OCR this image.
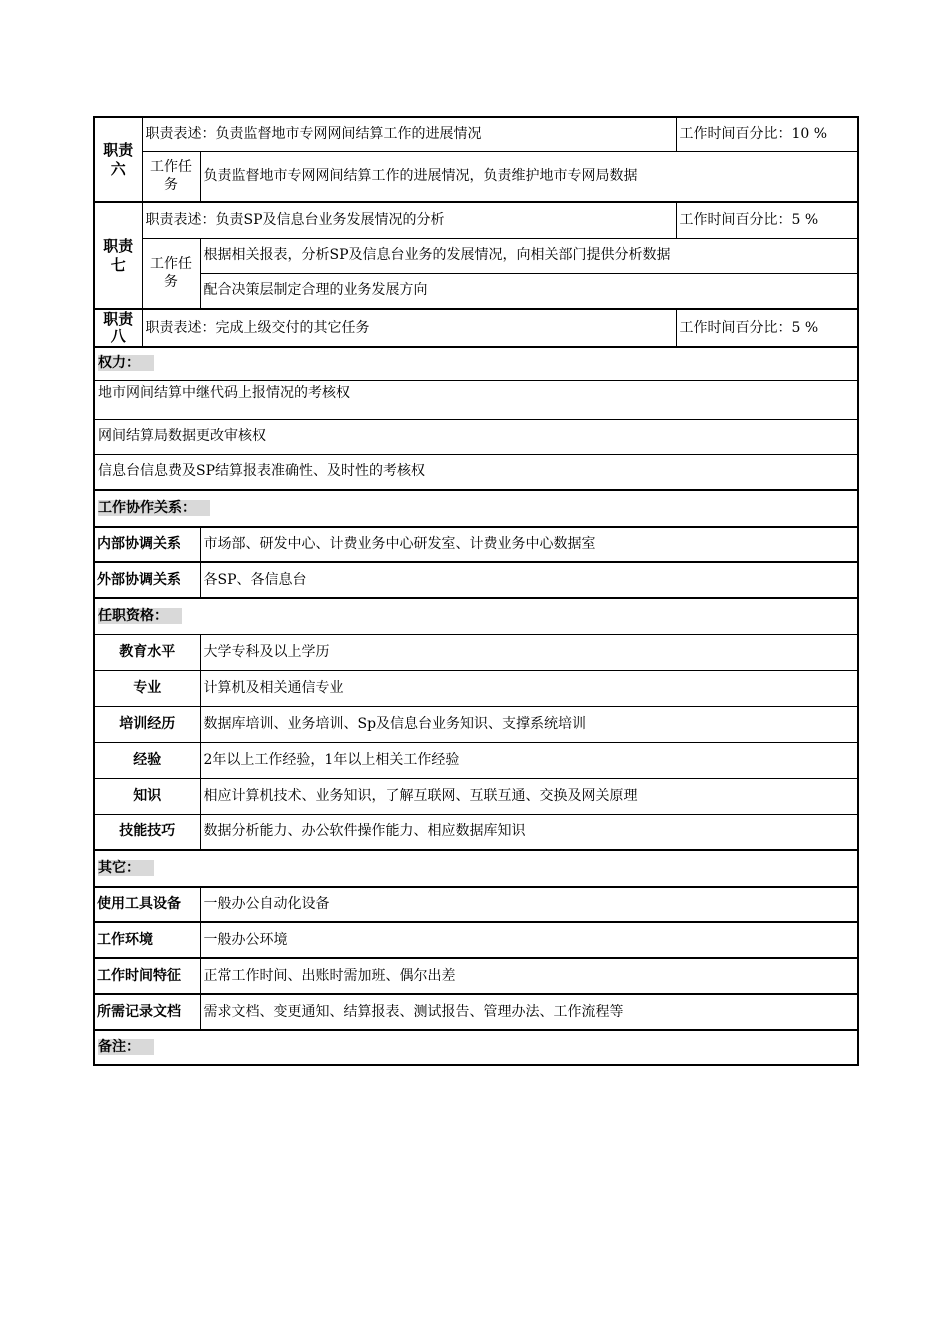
职责六	职责表述：负责监督地市专网网间结算工作的进展情况		工作时间百分比：10 %
	工作任务	负责监督地市专网网间结算工作的进展情况，负责维护地市专网局数据	
职责七	职责表述：负责SP及信息台业务发展情况的分析		工作时间百分比：5 %
	工作任务	根据相关报表，分析SP及信息台业务的发展情况，向相关部门提供分析数据	
		配合决策层制定合理的业务发展方向	
职责八	职责表述：完成上级交付的其它任务		工作时间百分比：5 %
权力：			
地市网间结算中继代码上报情况的考核权			
网间结算局数据更改审核权			
信息台信息费及SP结算报表准确性、及时性的考核权			
工作协作关系：			
内部协调关系		市场部、研发中心、计费业务中心研发室、计费业务中心数据室	
外部协调关系		各SP、各信息台	
任职资格：			
教育水平		大学专科及以上学历	
专业		计算机及相关通信专业	
培训经历		数据库培训、业务培训、Sp及信息台业务知识、支撑系统培训	
经验		2年以上工作经验，1年以上相关工作经验	
知识		相应计算机技术、业务知识，了解互联网、互联互通、交换及网关原理	
技能技巧		数据分析能力、办公软件操作能力、相应数据库知识	
其它：			
使用工具设备		一般办公自动化设备	
工作环境		一般办公环境	
工作时间特征		正常工作时间、出账时需加班、偶尔出差	
所需记录文档		需求文档、变更通知、结算报表、测试报告、管理办法、工作流程等	
备注：			
